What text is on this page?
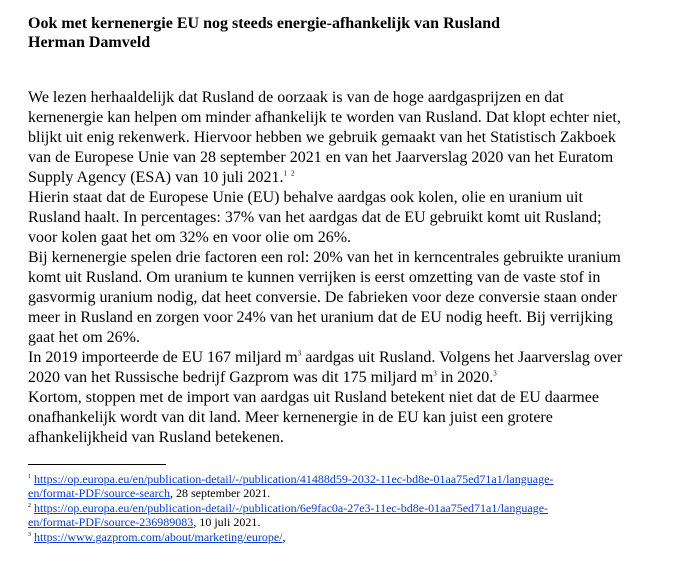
Ook met kernenergie EU nog steeds energie-afhankelijk van Rusland

Herman Damveld

We lezen herhaaldelijk dat Rusland de oorzaak is van de hoge aardgasprijzen en dat
kernenergie kan helpen om minder afhankelijk te worden van Rusland. Dat klopt echter niet,
blijkt uit enig rekenwerk. Hiervoor hebben we gebruik gemaakt van het Statistisch Zakboek
van de Europese Unie van 28 september 2021 en van het Jaarverslag 2020 van het Euratom
Supply Agency (ESA) van 10 juli 2021.$^1$ $^2$

Hierin staat dat de Europese Unie (EU) behalve aardgas ook kolen, olie en uranium uit
Rusland haalt. In percentages: 37% van het aardgas dat de EU gebruikt komt uit Rusland;
voor kolen gaat het om 32% en voor olie om 26%.

Bij kernenergie spelen drie factoren een rol: 20% van het in kerncentrales gebruikte uranium
komt uit Rusland. Om uranium te kunnen verrijken is eerst omzetting van de vaste stof in
gasvormig uranium nodig, dat heet conversie. De fabrieken voor deze conversie staan onder
meer in Rusland en zorgen voor 24% van het uranium dat de EU nodig heeft. Bij verrijking
gaat het om 26%.

In 2019 importeerde de EU 167 miljard $m^3$ aardgas uit Rusland. Volgens het Jaarverslag over
2020 van het Russische bedrijf Gazprom was dit 175 miljard $m^3$ in 2020.$^3$

Kortom, stoppen met de import van aardgas uit Rusland betekent niet dat de EU daarmee
onafhankelijk wordt van dit land. Meer kernenergie in de EU kan juist een grotere
afhankelijkheid van Rusland betekenen.

$^1$ https://op.europa.eu/en/publication-detail/-/publication/41488d59-2032-11ec-bd8e-01aa75ed71a1/language-
en/format-PDF/source-search, 28 september 2021.

$^2$ https://op.europa.eu/en/publication-detail/-/publication/6e9fac0a-27e3-11ec-bd8e-01aa75ed71a1/language-
en/format-PDF/source-236989083, 10 juli 2021.

$^3$ https://www.gazprom.com/about/marketing/europe/,
